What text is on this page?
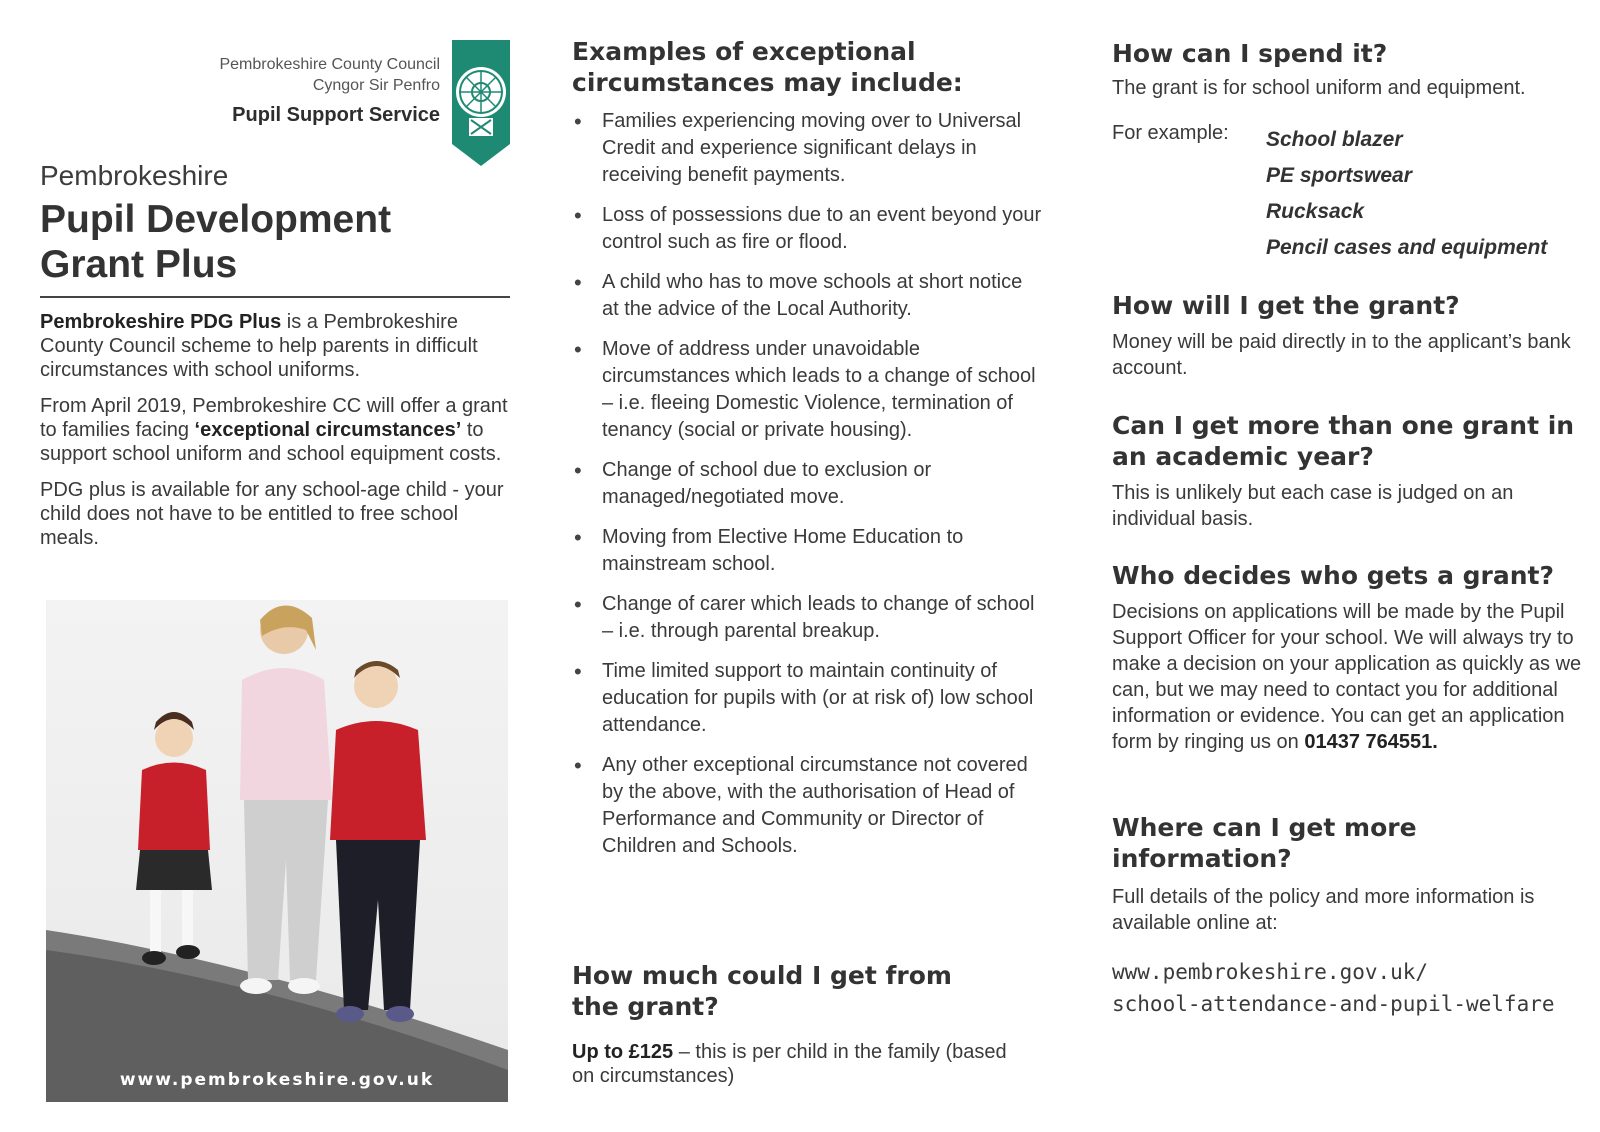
Pembrokeshire County Council
Cyngor Sir Penfro
Pupil Support Service
Pembrokeshire
Pupil Development
Grant Plus

Pembrokeshire PDG Plus is a Pembrokeshire County Council scheme to help parents in difficult circumstances with school uniforms.

From April 2019, Pembrokeshire CC will offer a grant to families facing ‘exceptional circumstances’ to support school uniform and school equipment costs.

PDG plus is available for any school-age child - your child does not have to be entitled to free school meals.

www.pembrokeshire.gov.uk
Examples of exceptional
circumstances may include:
• Families experiencing moving over to Universal Credit and experience significant delays in receiving benefit payments.
• Loss of possessions due to an event beyond your control such as fire or flood.
• A child who has to move schools at short notice at the advice of the Local Authority.
• Move of address under unavoidable circumstances which leads to a change of school – i.e. fleeing Domestic Violence, termination of tenancy (social or private housing).
• Change of school due to exclusion or managed/negotiated move.
• Moving from Elective Home Education to mainstream school.
• Change of carer which leads to change of school – i.e. through parental breakup.
• Time limited support to maintain continuity of education for pupils with (or at risk of) low school attendance.
• Any other exceptional circumstance not covered by the above, with the authorisation of Head of Performance and Community or Director of Children and Schools.
How much could I get from
the grant?
Up to £125 – this is per child in the family (based on circumstances)
How can I spend it?

The grant is for school uniform and equipment.

For example: School blazer
PE sportswear
Rucksack
Pencil cases and equipment
How will I get the grant?

Money will be paid directly in to the applicant’s bank account.

Can I get more than one grant in
an academic year?

This is unlikely but each case is judged on an individual basis.

Who decides who gets a grant?

Decisions on applications will be made by the Pupil Support Officer for your school. We will always try to make a decision on your application as quickly as we can, but we may need to contact you for additional information or evidence. You can get an application form by ringing us on 01437 764551.

Where can I get more
information?

Full details of the policy and more information is available online at:

www.pembrokeshire.gov.uk/
school-attendance-and-pupil-welfare
